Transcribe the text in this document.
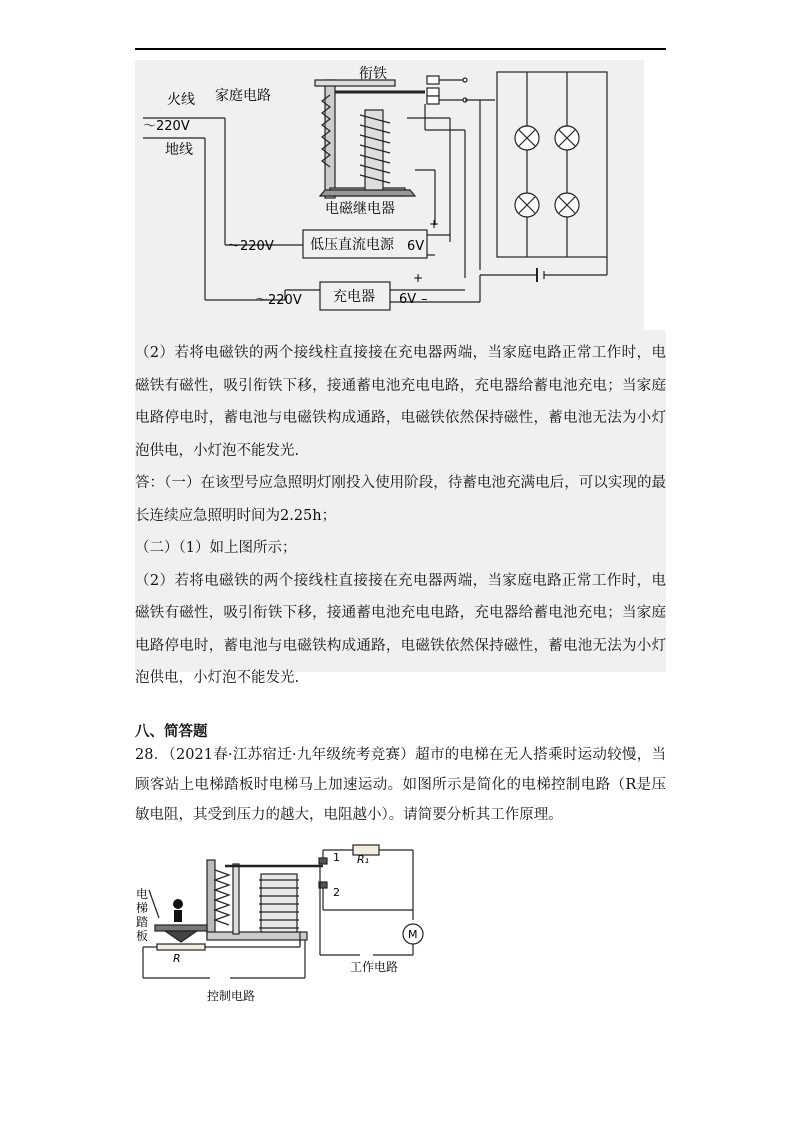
火线 家庭电路
～220V
地线
衔铁
电磁继电器
～220V	低压直流电源 6V
+
～220V 充电器 6V –
+

（2）若将电磁铁的两个接线柱直接接在充电器两端，当家庭电路正常工作时，电磁铁有磁性，吸引衔铁下移，接通蓄电池充电电路，充电器给蓄电池充电；当家庭电路停电时，蓄电池与电磁铁构成通路，电磁铁依然保持磁性，蓄电池无法为小灯泡供电，小灯泡不能发光.

答：（一）在该型号应急照明灯刚投入使用阶段，待蓄电池充满电后，可以实现的最长连续应急照明时间为2.25h；

（二）（1）如上图所示；

（2）若将电磁铁的两个接线柱直接接在充电器两端，当家庭电路正常工作时，电磁铁有磁性，吸引衔铁下移，接通蓄电池充电电路，充电器给蓄电池充电；当家庭电路停电时，蓄电池与电磁铁构成通路，电磁铁依然保持磁性，蓄电池无法为小灯泡供电，小灯泡不能发光.

八、简答题
28．（2021春·江苏宿迁·九年级统考竞赛）超市的电梯在无人搭乘时运动较慢，当顾客站上电梯踏板时电梯马上加速运动。如图所示是简化的电梯控制电路（R是压敏电阻，其受到压力的越大，电阻越小）。请简要分析其工作原理。
R₁
1
2
M
电
梯
踏
板
R
工作电路
控制电路
